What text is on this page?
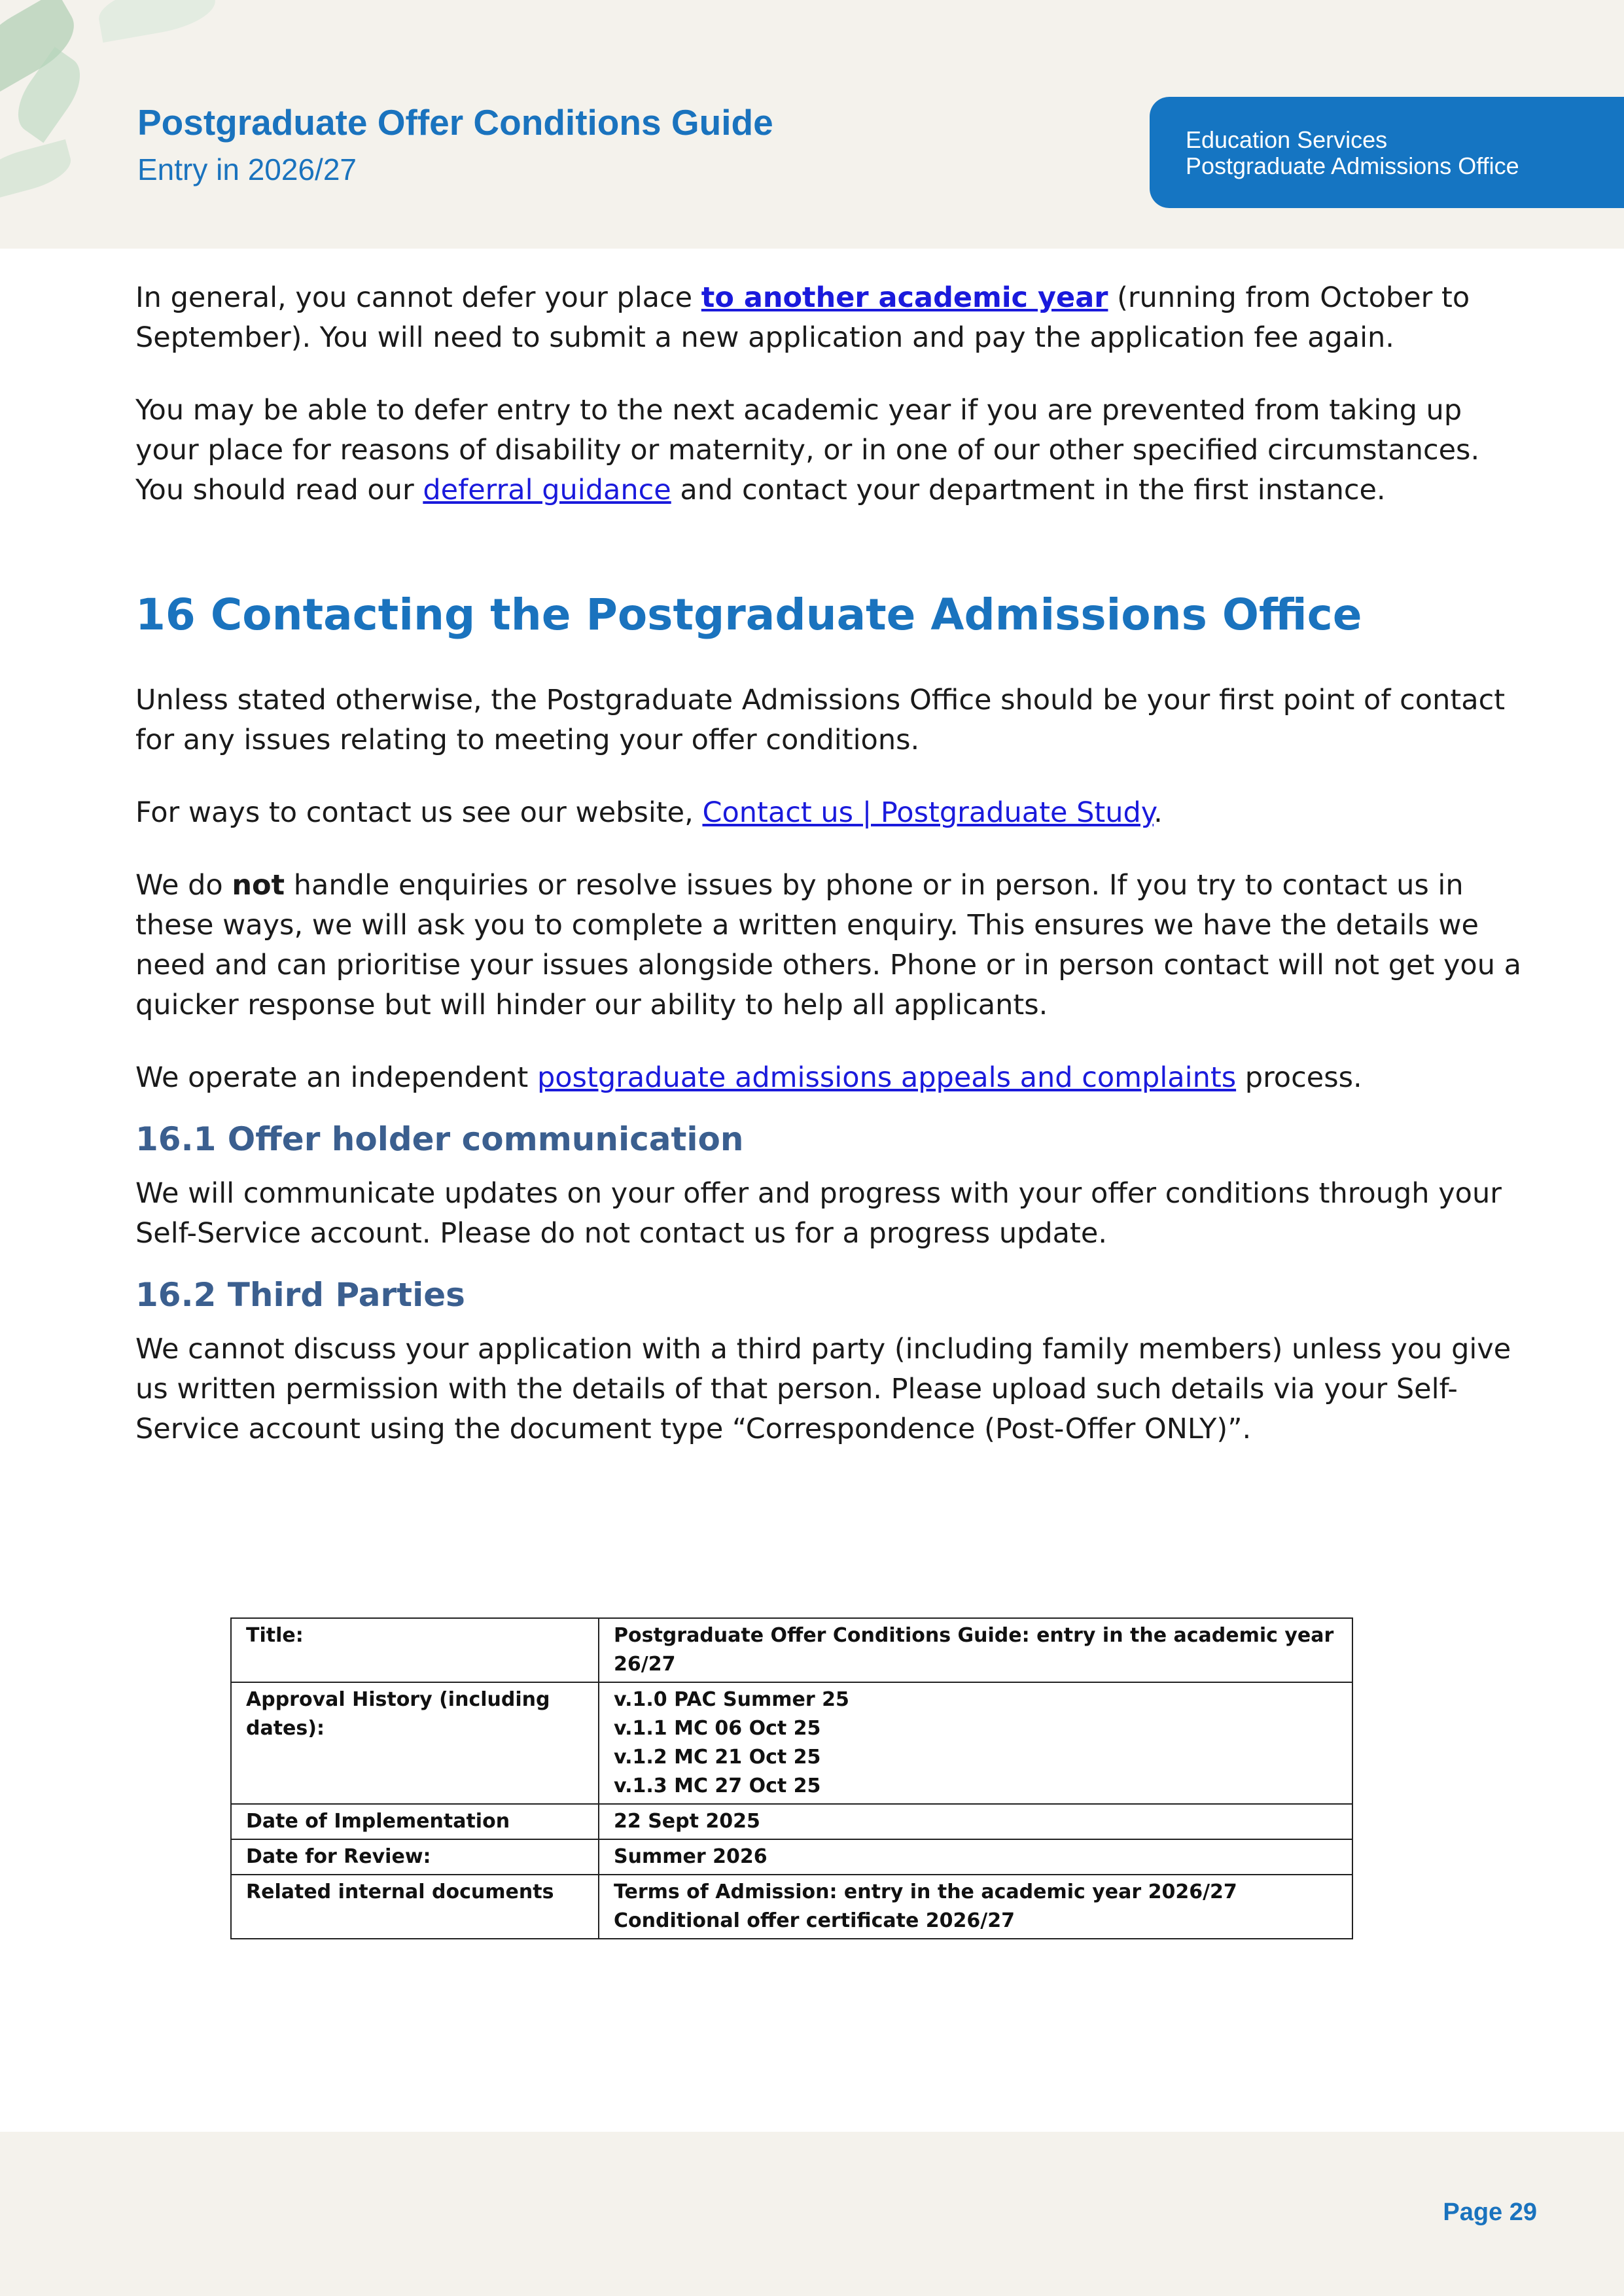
Postgraduate Offer Conditions Guide
Entry in 2026/27
Education Services
Postgraduate Admissions Office

In general, you cannot defer your place to another academic year (running from October to September). You will need to submit a new application and pay the application fee again.

You may be able to defer entry to the next academic year if you are prevented from taking up your place for reasons of disability or maternity, or in one of our other specified circumstances. You should read our deferral guidance and contact your department in the first instance.

16 Contacting the Postgraduate Admissions Office

Unless stated otherwise, the Postgraduate Admissions Office should be your first point of contact for any issues relating to meeting your offer conditions.

For ways to contact us see our website, Contact us | Postgraduate Study.

We do not handle enquiries or resolve issues by phone or in person. If you try to contact us in these ways, we will ask you to complete a written enquiry. This ensures we have the details we need and can prioritise your issues alongside others. Phone or in person contact will not get you a quicker response but will hinder our ability to help all applicants.

We operate an independent postgraduate admissions appeals and complaints process.

16.1 Offer holder communication

We will communicate updates on your offer and progress with your offer conditions through your Self-Service account. Please do not contact us for a progress update.

16.2 Third Parties

We cannot discuss your application with a third party (including family members) unless you give us written permission with the details of that person. Please upload such details via your Self-Service account using the document type “Correspondence (Post-Offer ONLY)”.

Title:	Postgraduate Offer Conditions Guide: entry in the academic year 26/27

Approval History (including dates):	v.1.0 PAC Summer 25
v.1.1 MC 06 Oct 25
v.1.2 MC 21 Oct 25
v.1.3 MC 27 Oct 25

Date of Implementation	22 Sept 2025

Date for Review:	Summer 2026

Related internal documents	Terms of Admission: entry in the academic year 2026/27
Conditional offer certificate 2026/27
Page 29
